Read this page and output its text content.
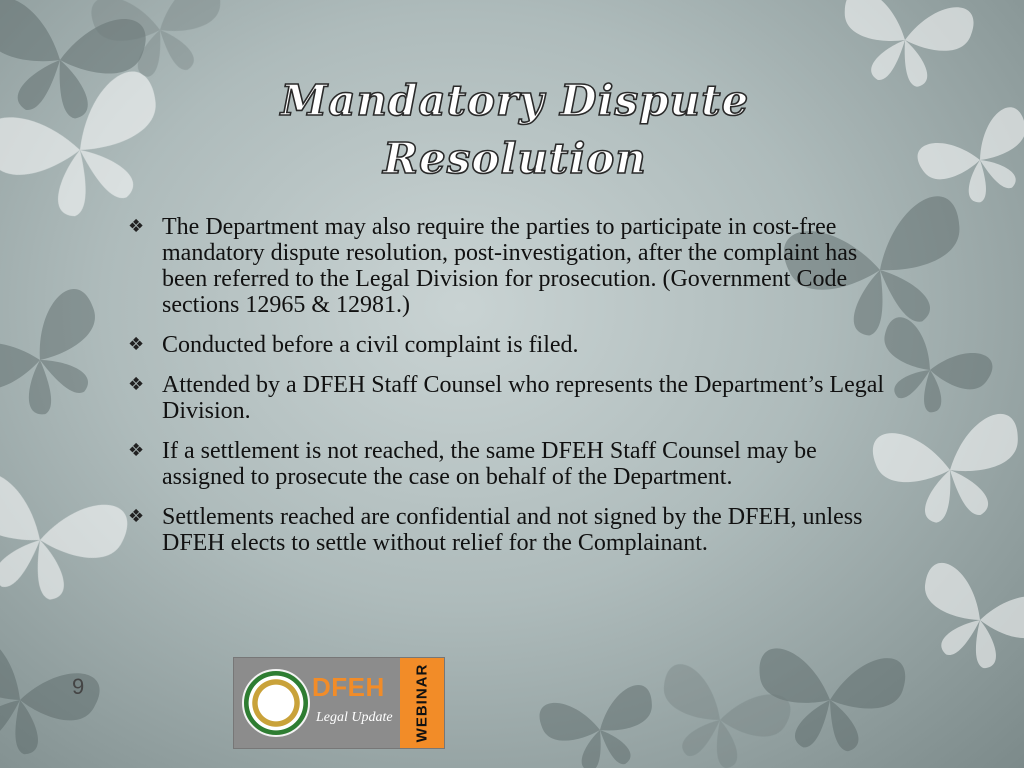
Mandatory Dispute
Resolution
❖ The Department may also require the parties to participate in cost-free mandatory dispute resolution, post-investigation, after the complaint has been referred to the Legal Division for prosecution. (Government Code sections 12965 & 12981.)
❖ Conducted before a civil complaint is filed.
❖ Attended by a DFEH Staff Counsel who represents the Department’s Legal Division.
❖ If a settlement is not reached, the same DFEH Staff Counsel may be assigned to prosecute the case on behalf of the Department.
❖ Settlements reached are confidential and not signed by the DFEH, unless DFEH elects to settle without relief for the Complainant.
9	DFEH
Legal Update WEBINAR
